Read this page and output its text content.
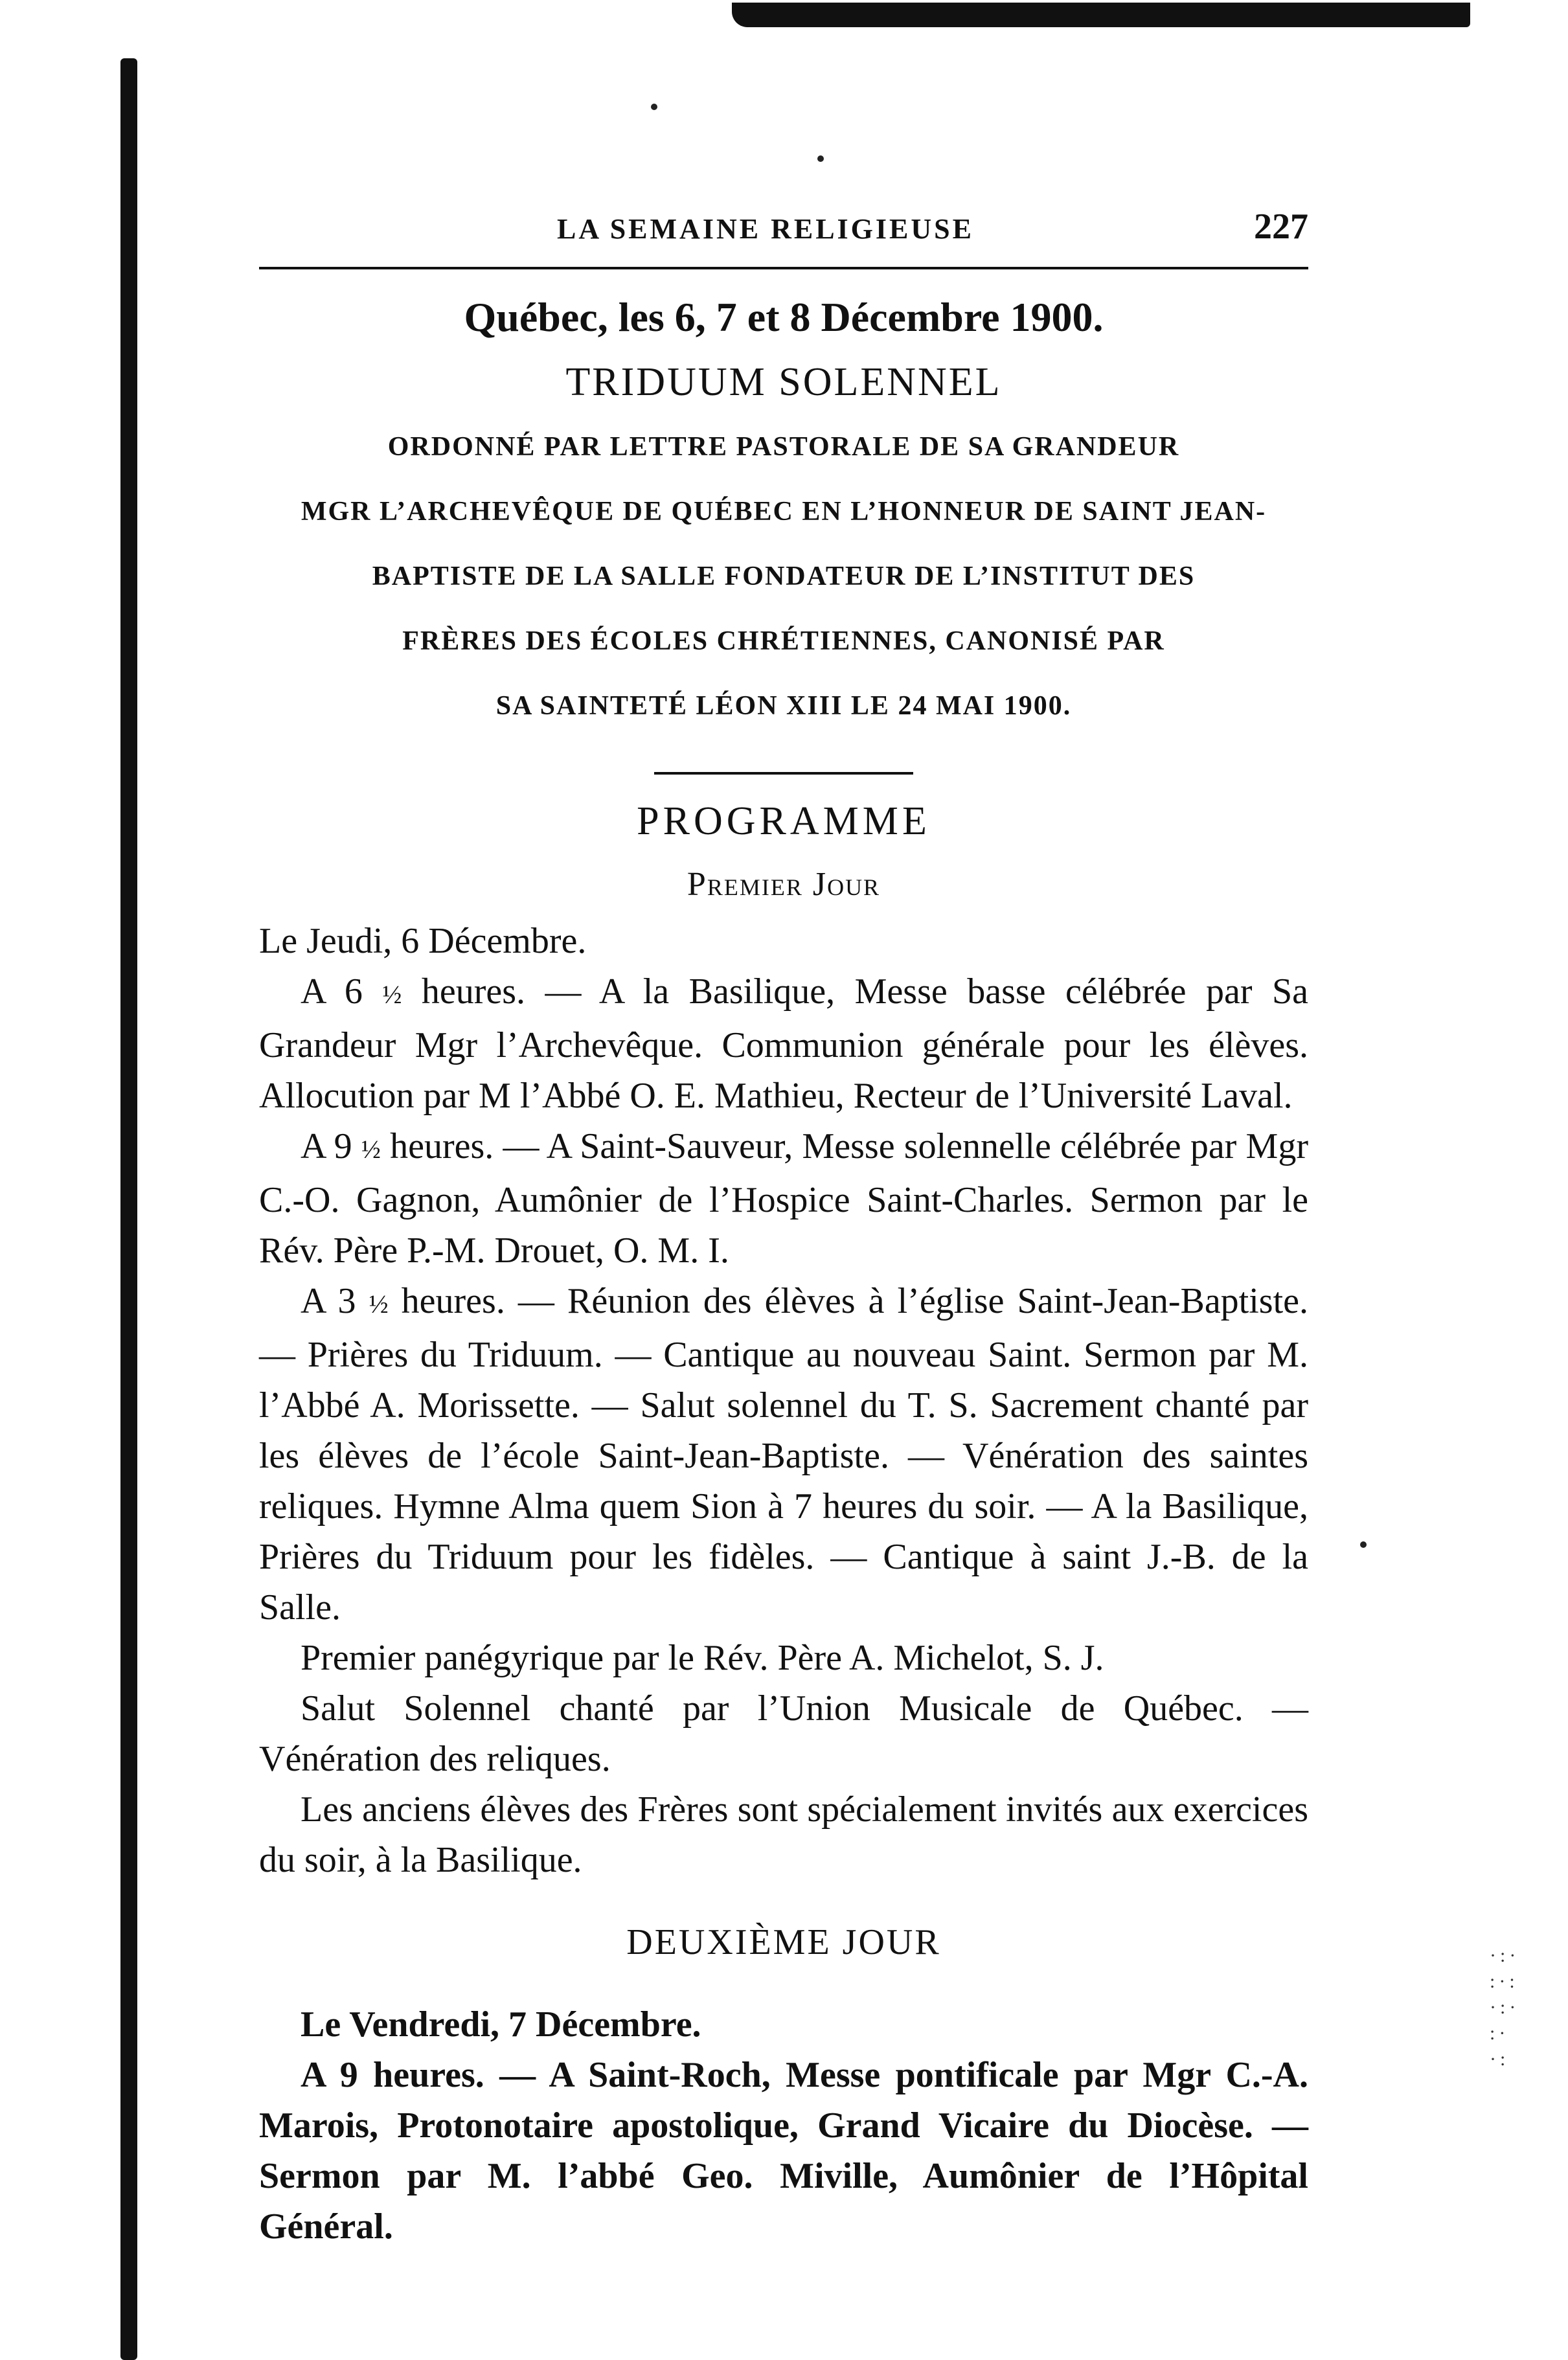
·:·
:·:
·:·
:·
·:
LA SEMAINE RELIGIEUSE	227

Québec, les 6, 7 et 8 Décembre 1900.

TRIDUUM SOLENNEL

ORDONNÉ PAR LETTRE PASTORALE DE SA GRANDEUR
MGR L’ARCHEVÊQUE DE QUÉBEC EN L’HONNEUR DE SAINT JEAN-
BAPTISTE DE LA SALLE FONDATEUR DE L’INSTITUT DES
FRÈRES DES ÉCOLES CHRÉTIENNES, CANONISÉ PAR
SA SAINTETÉ LÉON XIII LE 24 MAI 1900.

PROGRAMME

Premier Jour

Le Jeudi, 6 Décembre.

A 6 ½ heures. — A la Basilique, Messe basse célébrée par Sa Grandeur Mgr l’Archevêque. Communion générale pour les élèves. Allocution par M l’Abbé O. E. Mathieu, Recteur de l’Université Laval.

A 9 ½ heures. — A Saint-Sauveur, Messe solennelle célébrée par Mgr C.-O. Gagnon, Aumônier de l’Hospice Saint-Charles. Sermon par le Rév. Père P.-M. Drouet, O. M. I.

A 3 ½ heures. — Réunion des élèves à l’église Saint-Jean-Baptiste. — Prières du Triduum. — Cantique au nouveau Saint. Sermon par M. l’Abbé A. Morissette. — Salut solennel du T. S. Sacrement chanté par les élèves de l’école Saint-Jean-Baptiste. — Vénération des saintes reliques. Hymne Alma quem Sion à 7 heures du soir. — A la Basilique, Prières du Triduum pour les fidèles. — Cantique à saint J.-B. de la Salle.

Premier panégyrique par le Rév. Père A. Michelot, S. J.

Salut Solennel chanté par l’Union Musicale de Québec. — Vénération des reliques.

Les anciens élèves des Frères sont spécialement invités aux exercices du soir, à la Basilique.

DEUXIÈME JOUR

Le Vendredi, 7 Décembre.

A 9 heures. — A Saint-Roch, Messe pontificale par Mgr C.-A. Marois, Protonotaire apostolique, Grand Vicaire du Diocèse. — Sermon par M. l’abbé Geo. Miville, Aumônier de l’Hôpital Général.
